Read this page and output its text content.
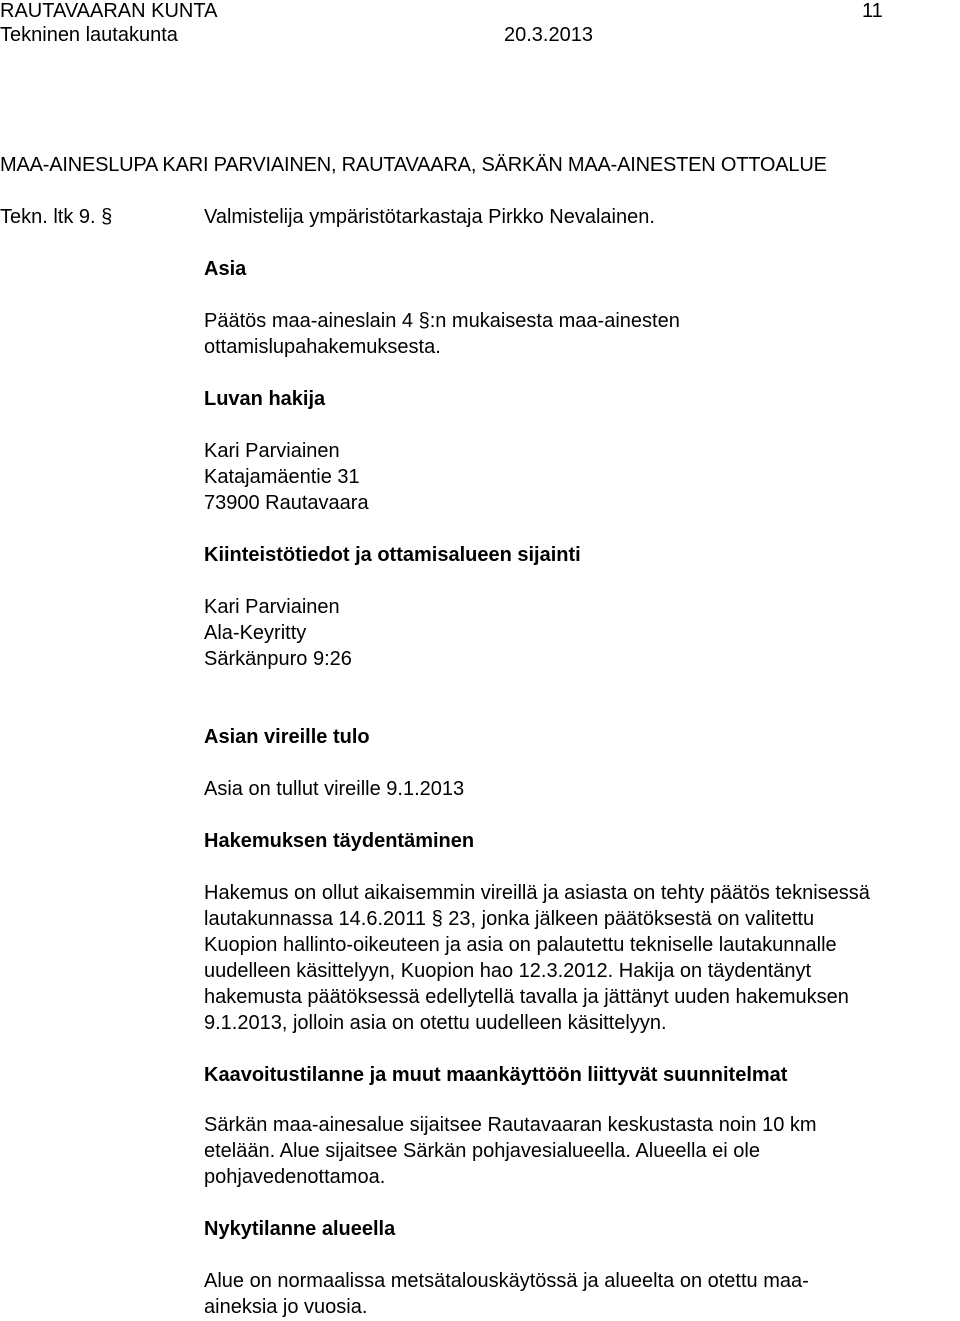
RAUTAVAARAN KUNTA	11
Tekninen lautakunta	20.3.2013
MAA-AINESLUPA KARI PARVIAINEN, RAUTAVAARA, SÄRKÄN MAA-AINESTEN OTTOALUE
Tekn. ltk 9. §	Valmistelija ympäristötarkastaja Pirkko Nevalainen.
Asia

Päätös maa-aineslain 4 §:n mukaisesta maa-ainesten

ottamislupahakemuksesta.

Luvan hakija

Kari Parviainen

Katajamäentie 31

73900 Rautavaara

Kiinteistötiedot ja ottamisalueen sijainti

Kari Parviainen

Ala-Keyritty

Särkänpuro 9:26

Asian vireille tulo
Asia on tullut vireille 9.1.2013
Hakemuksen täydentäminen

Hakemus on ollut aikaisemmin vireillä ja asiasta on tehty päätös teknisessä

lautakunnassa 14.6.2011 § 23, jonka jälkeen päätöksestä on valitettu

Kuopion hallinto-oikeuteen ja asia on palautettu tekniselle lautakunnalle

uudelleen käsittelyyn, Kuopion hao 12.3.2012. Hakija on täydentänyt

hakemusta päätöksessä edellytellä tavalla ja jättänyt uuden hakemuksen

9.1.2013, jolloin asia on otettu uudelleen käsittelyyn.

Kaavoitustilanne ja muut maankäyttöön liittyvät suunnitelmat

Särkän maa-ainesalue sijaitsee Rautavaaran keskustasta noin 10 km

etelään. Alue sijaitsee Särkän pohjavesialueella. Alueella ei ole

pohjavedenottamoa.

Nykytilanne alueella

Alue on normaalissa metsätalouskäytössä ja alueelta on otettu maa-

aineksia jo vuosia.
